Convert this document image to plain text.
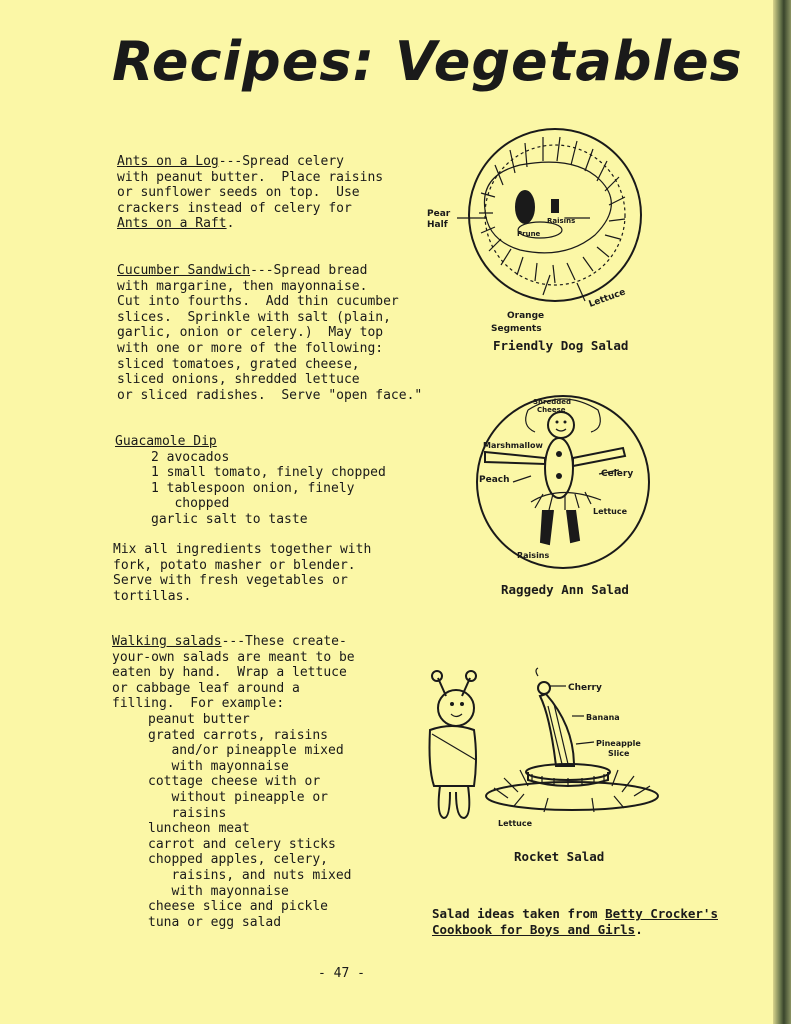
Recipes: Vegetables
Ants on a Log---Spread celery
with peanut butter.  Place raisins
or sunflower seeds on top.  Use
crackers instead of celery for
Ants on a Raft.
Cucumber Sandwich---Spread bread
with margarine, then mayonnaise.
Cut into fourths.  Add thin cucumber
slices.  Sprinkle with salt (plain,
garlic, onion or celery.)  May top
with one or more of the following:
sliced tomatoes, grated cheese,
sliced onions, shredded lettuce
or sliced radishes.  Serve "open face."
Guacamole Dip
2 avocados
1 small tomato, finely chopped
1 tablespoon onion, finely
chopped
garlic salt to taste
Mix all ingredients together with
fork, potato masher or blender.
Serve with fresh vegetables or
tortillas.
Walking salads---These create-
your-own salads are meant to be
eaten by hand.  Wrap a lettuce
or cabbage leaf around a
filling.  For example:
peanut butter
grated carrots, raisins
and/or pineapple mixed
with mayonnaise
cottage cheese with or
without pineapple or
raisins
luncheon meat
carrot and celery sticks
chopped apples, celery,
raisins, and nuts mixed
with mayonnaise
cheese slice and pickle
tuna or egg salad
Pear
Half	Raisins
Prune
Lettuce
Orange
Segments
Friendly Dog Salad
Shredded
Cheese
Marshmallow
Peach
Celery
Lettuce
Raisins
Raggedy Ann Salad
Cherry
Banana
Pineapple
Slice
Lettuce
Rocket Salad
Salad ideas taken from Betty Crocker's
Cookbook for Boys and Girls.
- 47 -
